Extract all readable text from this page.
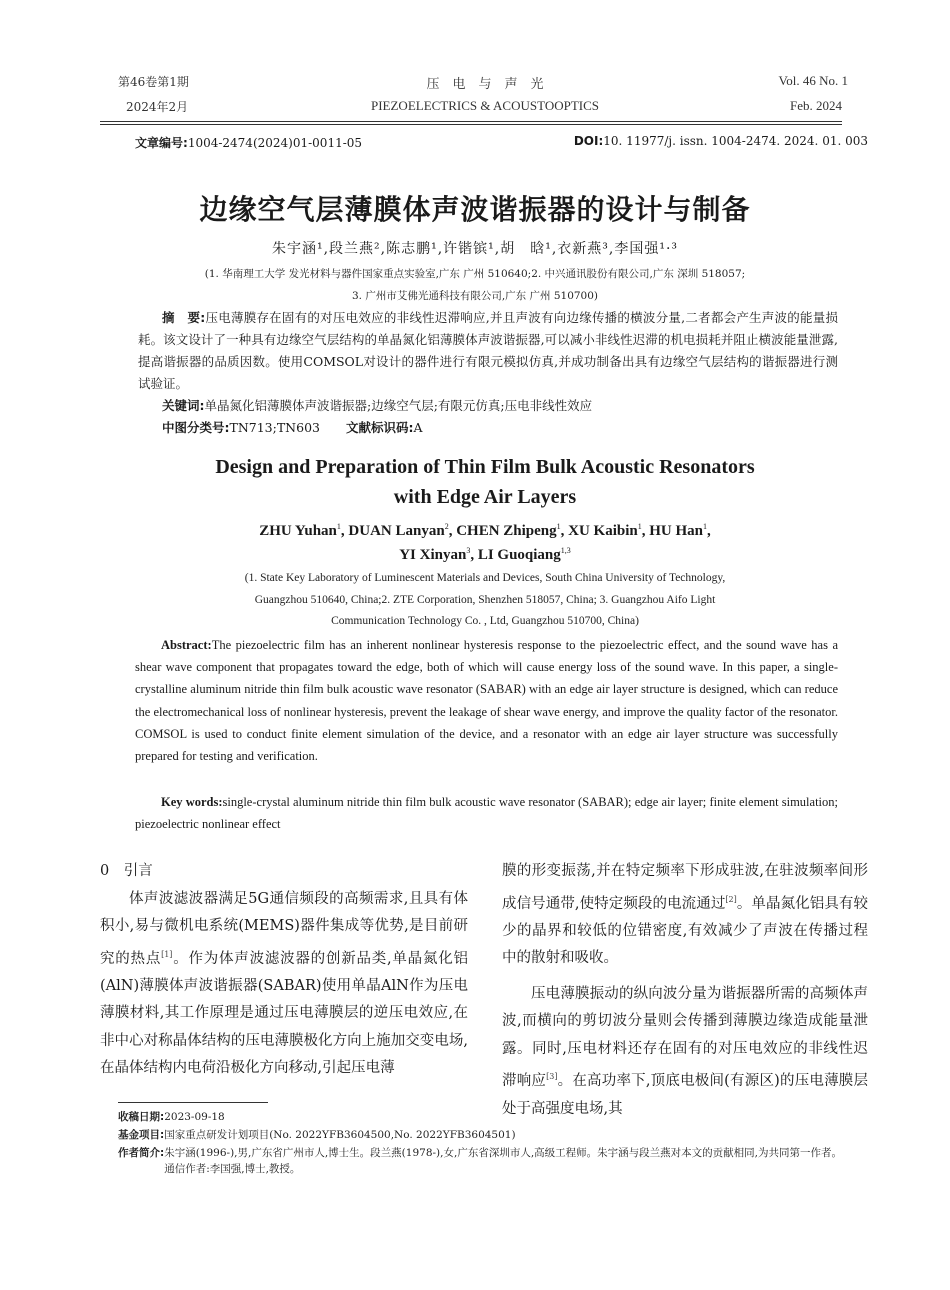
第46卷第1期
2024年2月
压　电　与　声　光
PIEZOELECTRICS & ACOUSTOOPTICS
Vol. 46 No. 1
Feb. 2024
文章编号:1004-2474(2024)01-0011-05	DOI:10. 11977/j. issn. 1004-2474. 2024. 01. 003
边缘空气层薄膜体声波谐振器的设计与制备
朱宇涵¹,段兰燕²,陈志鹏¹,许锴镔¹,胡　晗¹,衣新燕³,李国强¹·³
(1. 华南理工大学 发光材料与器件国家重点实验室,广东 广州 510640;2. 中兴通讯股份有限公司,广东 深圳 518057;
3. 广州市艾佛光通科技有限公司,广东 广州 510700)
摘　要:压电薄膜存在固有的对压电效应的非线性迟滞响应,并且声波有向边缘传播的横波分量,二者都会产生声波的能量损耗。该文设计了一种具有边缘空气层结构的单晶氮化铝薄膜体声波谐振器,可以减小非线性迟滞的机电损耗并阻止横波能量泄露,提高谐振器的品质因数。使用COMSOL对设计的器件进行有限元模拟仿真,并成功制备出具有边缘空气层结构的谐振器进行测试验证。
关键词:单晶氮化铝薄膜体声波谐振器;边缘空气层;有限元仿真;压电非线性效应
中图分类号:TN713;TN603 文献标识码:A
Design and Preparation of Thin Film Bulk Acoustic Resonators
with Edge Air Layers
ZHU Yuhan$^1$, DUAN Lanyan$^2$, CHEN Zhipeng$^1$, XU Kaibin$^1$, HU Han$^1$,
YI Xinyan$^3$, LI Guoqiang$^{1,3}$
(1. State Key Laboratory of Luminescent Materials and Devices, South China University of Technology,
Guangzhou 510640, China;2. ZTE Corporation, Shenzhen 518057, China; 3. Guangzhou Aifo Light
Communication Technology Co. , Ltd, Guangzhou 510700, China)
Abstract:The piezoelectric film has an inherent nonlinear hysteresis response to the piezoelectric effect, and the sound wave has a shear wave component that propagates toward the edge, both of which will cause energy loss of the sound wave. In this paper, a single-crystalline aluminum nitride thin film bulk acoustic wave resonator (SABAR) with an edge air layer structure is designed, which can reduce the electromechanical loss of nonlinear hysteresis, prevent the leakage of shear wave energy, and improve the quality factor of the resonator. COMSOL is used to conduct finite element simulation of the device, and a resonator with an edge air layer structure was successfully prepared for testing and verification.
Key words:single-crystal aluminum nitride thin film bulk acoustic wave resonator (SABAR); edge air layer; finite element simulation; piezoelectric nonlinear effect
0　引言

体声波滤波器满足5G通信频段的高频需求,且具有体积小,易与微机电系统(MEMS)器件集成等优势,是目前研究的热点[1]。作为体声波滤波器的创新品类,单晶氮化铝(AlN)薄膜体声波谐振器(SABAR)使用单晶AlN作为压电薄膜材料,其工作原理是通过压电薄膜层的逆压电效应,在非中心对称晶体结构的压电薄膜极化方向上施加交变电场,在晶体结构内电荷沿极化方向移动,引起压电薄

膜的形变振荡,并在特定频率下形成驻波,在驻波频率间形成信号通带,使特定频段的电流通过[2]。单晶氮化铝具有较少的晶界和较低的位错密度,有效减少了声波在传播过程中的散射和吸收。

压电薄膜振动的纵向波分量为谐振器所需的高频体声波,而横向的剪切波分量则会传播到薄膜边缘造成能量泄露。同时,压电材料还存在固有的对压电效应的非线性迟滞响应[3]。在高功率下,顶底电极间(有源区)的压电薄膜层处于高强度电场,其

收稿日期:2023-09-18
基金项目:国家重点研发计划项目(No. 2022YFB3604500,No. 2022YFB3604501)
作者简介: 朱宇涵(1996-),男,广东省广州市人,博士生。段兰燕(1978-),女,广东省深圳市人,高级工程师。朱宇涵与段兰燕对本文的贡献相同,为共同第一作者。通信作者:李国强,博士,教授。
